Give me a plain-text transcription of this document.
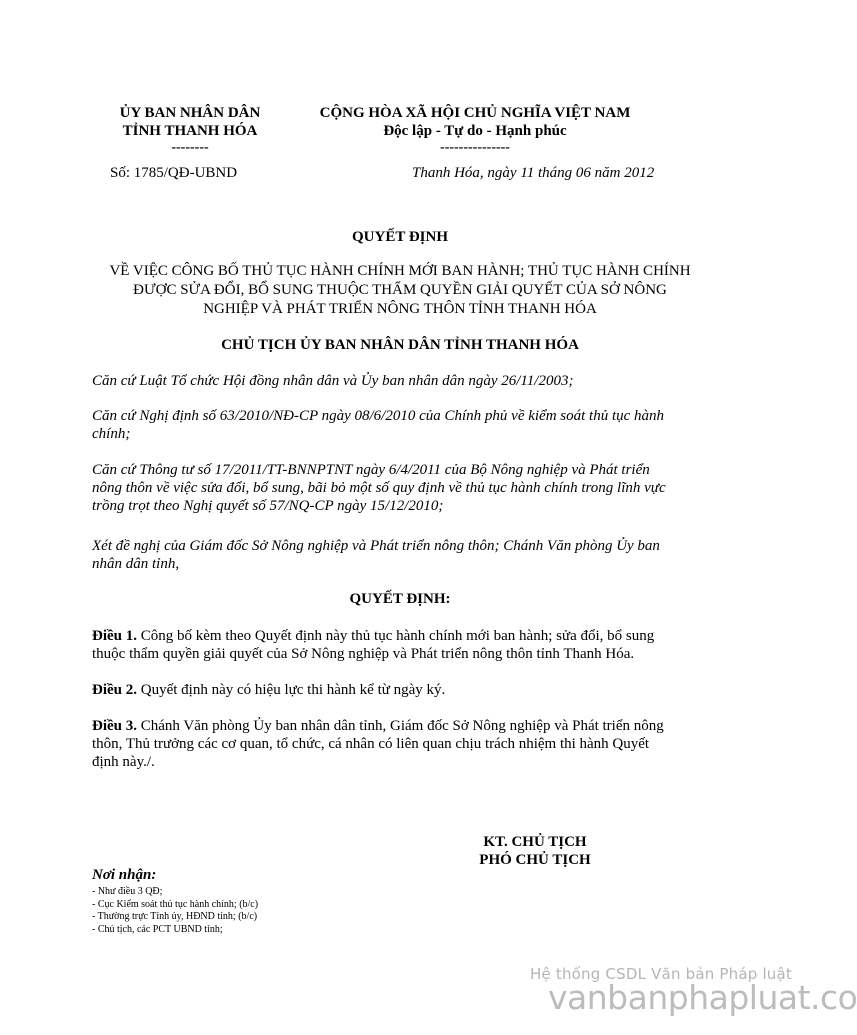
ỦY BAN NHÂN DÂN
TỈNH THANH HÓA
--------
CỘNG HÒA XÃ HỘI CHỦ NGHĨA VIỆT NAM
Độc lập - Tự do - Hạnh phúc
---------------
Số: 1785/QĐ-UBND	Thanh Hóa, ngày 11 tháng 06 năm 2012
QUYẾT ĐỊNH
VỀ VIỆC CÔNG BỐ THỦ TỤC HÀNH CHÍNH MỚI BAN HÀNH; THỦ TỤC HÀNH CHÍNH
ĐƯỢC SỬA ĐỔI, BỔ SUNG THUỘC THẨM QUYỀN GIẢI QUYẾT CỦA SỞ NÔNG
NGHIỆP VÀ PHÁT TRIỂN NÔNG THÔN TỈNH THANH HÓA
CHỦ TỊCH ỦY BAN NHÂN DÂN TỈNH THANH HÓA
Căn cứ Luật Tổ chức Hội đồng nhân dân và Ủy ban nhân dân ngày 26/11/2003;
Căn cứ Nghị định số 63/2010/NĐ-CP ngày 08/6/2010 của Chính phủ về kiểm soát thủ tục hành
chính;
Căn cứ Thông tư số 17/2011/TT-BNNPTNT ngày 6/4/2011 của Bộ Nông nghiệp và Phát triển
nông thôn về việc sửa đổi, bổ sung, bãi bỏ một số quy định về thủ tục hành chính trong lĩnh vực
trồng trọt theo Nghị quyết số 57/NQ-CP ngày 15/12/2010;
Xét đề nghị của Giám đốc Sở Nông nghiệp và Phát triển nông thôn; Chánh Văn phòng Ủy ban
nhân dân tỉnh,
QUYẾT ĐỊNH:
Điều 1. Công bố kèm theo Quyết định này thủ tục hành chính mới ban hành; sửa đổi, bổ sung
thuộc thẩm quyền giải quyết của Sở Nông nghiệp và Phát triển nông thôn tỉnh Thanh Hóa.
Điều 2. Quyết định này có hiệu lực thi hành kể từ ngày ký.
Điều 3. Chánh Văn phòng Ủy ban nhân dân tỉnh, Giám đốc Sở Nông nghiệp và Phát triển nông
thôn, Thủ trưởng các cơ quan, tổ chức, cá nhân có liên quan chịu trách nhiệm thi hành Quyết
định này./.
KT. CHỦ TỊCH
PHÓ CHỦ TỊCH
Nơi nhận:
- Như điều 3 QĐ;
- Cục Kiểm soát thủ tục hành chính; (b/c)
- Thường trực Tỉnh ủy, HĐND tỉnh; (b/c)
- Chủ tịch, các PCT UBND tỉnh;
Hệ thống CSDL Văn bản Pháp luật
vanbanphapluat.co
